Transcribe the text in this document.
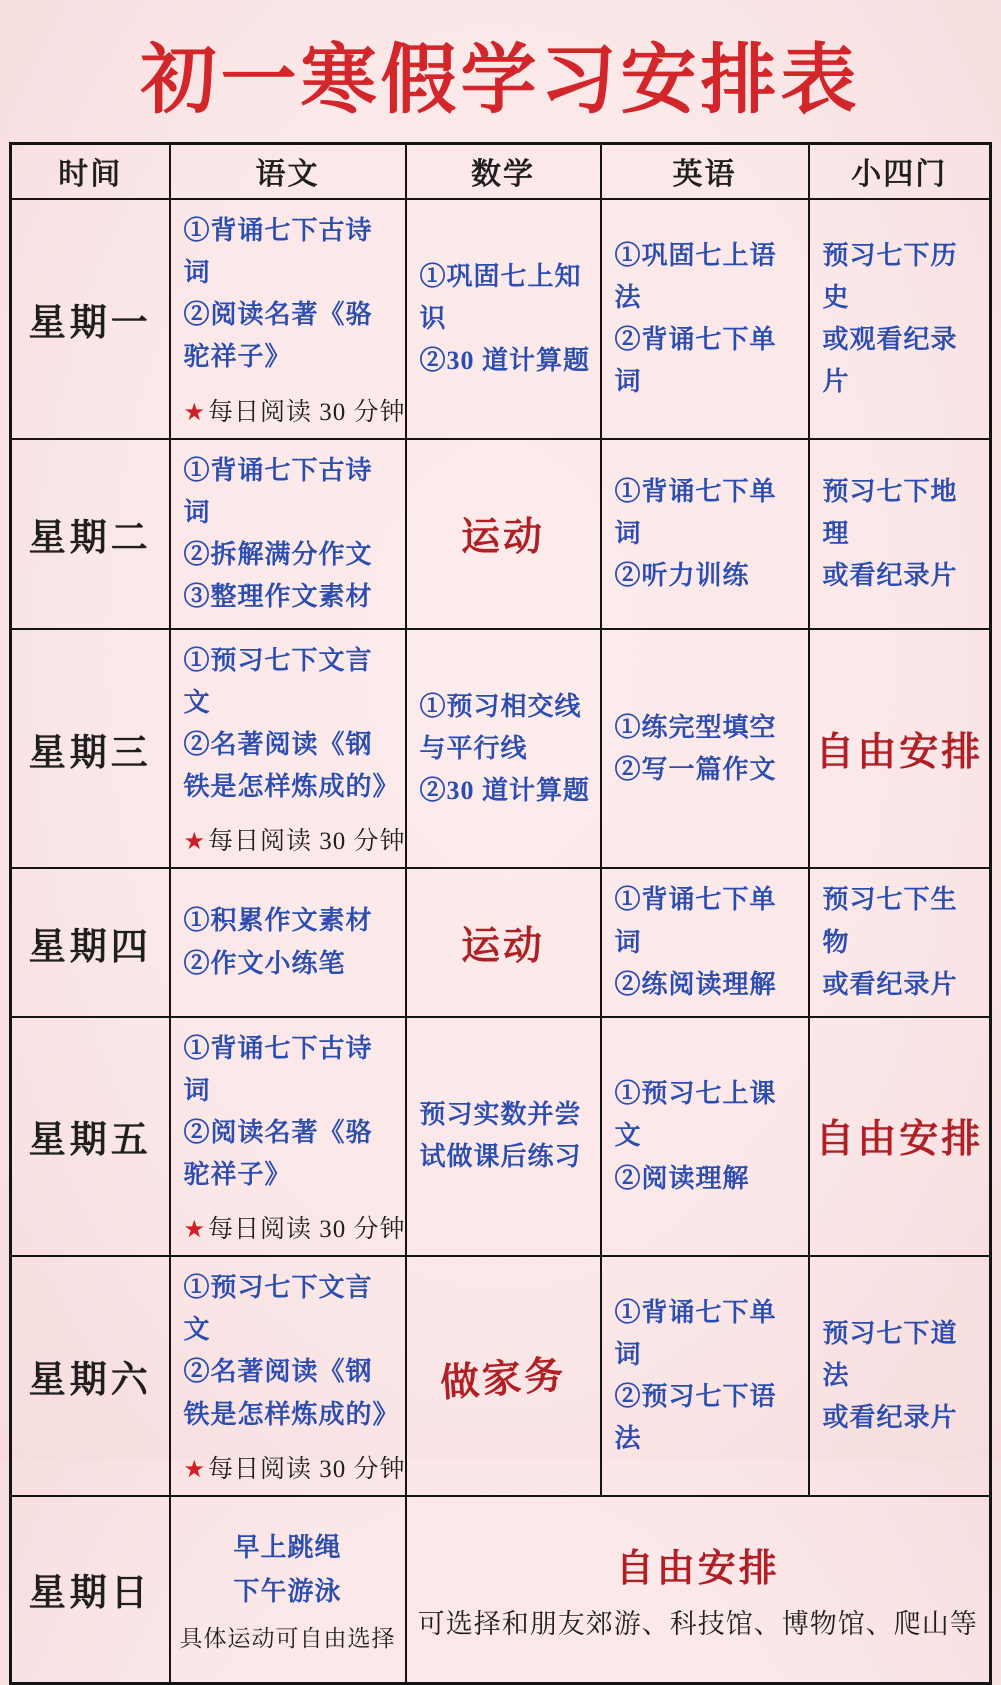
初一寒假学习安排表
时间	语文	数学	英语	小四门
星期一	
①背诵七下古诗词
②阅读名著《骆驼祥子》
★每日阅读 30 分钟

①巩固七上知识
②30 道计算题

①巩固七上语法
②背诵七下单词

预习七下历史
或观看纪录片

星期二	
①背诵七下古诗词
②拆解满分作文
③整理作文素材
	运动	
①背诵七下单词
②听力训练

预习七下地理
或看纪录片

星期三	
①预习七下文言文
②名著阅读《钢铁是怎样炼成的》
★每日阅读 30 分钟

①预习相交线与平行线
②30 道计算题

①练完型填空
②写一篇作文	自由安排
星期四	
①积累作文素材
②作文小练笔	运动	
①背诵七下单词
②练阅读理解

预习七下生物
或看纪录片

星期五	
①背诵七下古诗词
②阅读名著《骆驼祥子》
★每日阅读 30 分钟

预习实数并尝试做课后练习

①预习七上课文
②阅读理解
	自由安排
星期六	
①预习七下文言文
②名著阅读《钢铁是怎样炼成的》
★每日阅读 30 分钟
	做家务	
①背诵七下单词
②预习七下语法

预习七下道法
或看纪录片

星期日	
早上跳绳
下午游泳
具体运动可自由选择

自由安排
可选择和朋友郊游、科技馆、博物馆、爬山等
